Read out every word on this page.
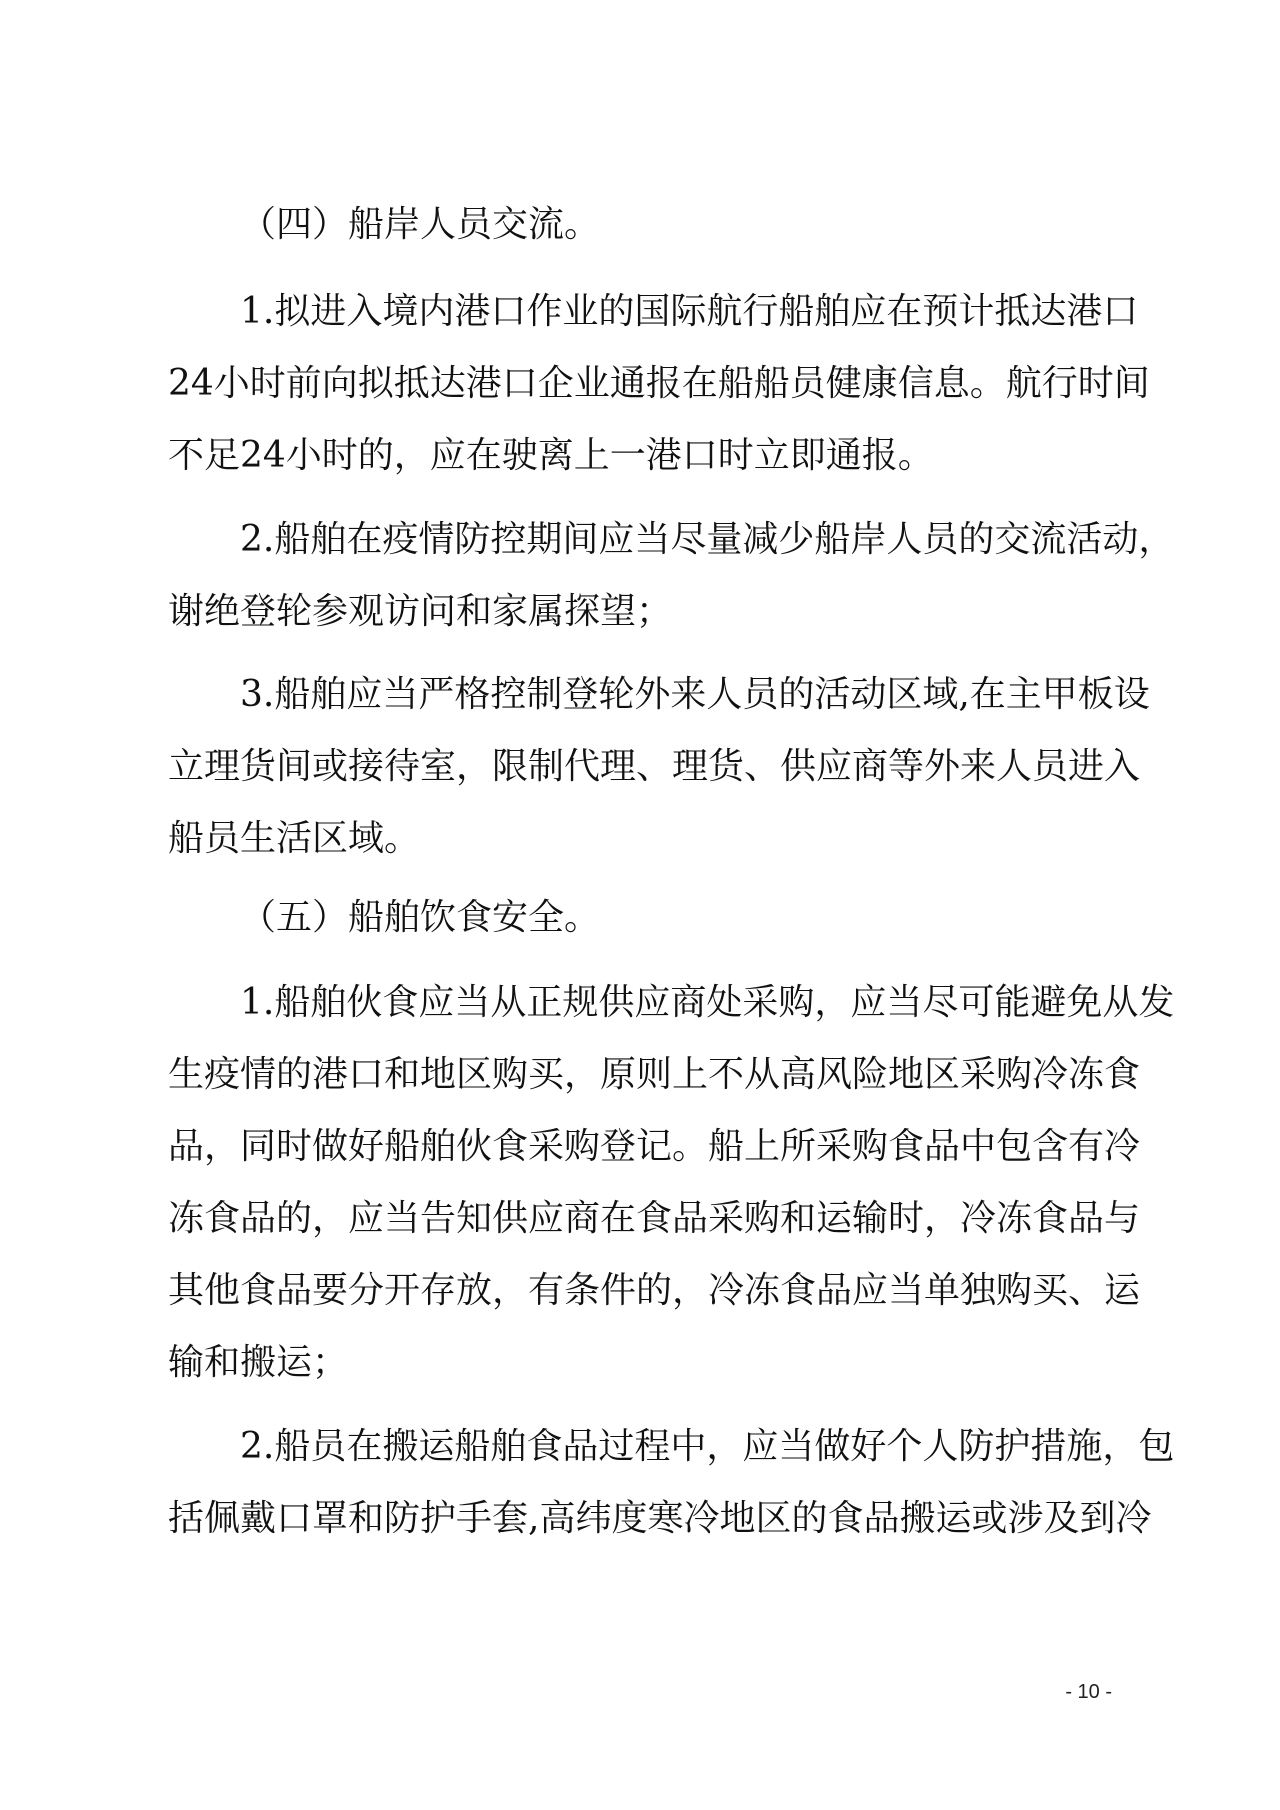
（四）船岸人员交流。
1.拟进入境内港口作业的国际航行船舶应在预计抵达港口
24小时前向拟抵达港口企业通报在船船员健康信息。航行时间
不足24小时的，应在驶离上一港口时立即通报。
2.船舶在疫情防控期间应当尽量减少船岸人员的交流活动，
谢绝登轮参观访问和家属探望；
3.船舶应当严格控制登轮外来人员的活动区域,在主甲板设
立理货间或接待室，限制代理、理货、供应商等外来人员进入
船员生活区域。
（五）船舶饮食安全。
1.船舶伙食应当从正规供应商处采购，应当尽可能避免从发
生疫情的港口和地区购买，原则上不从高风险地区采购冷冻食
品，同时做好船舶伙食采购登记。船上所采购食品中包含有冷
冻食品的，应当告知供应商在食品采购和运输时，冷冻食品与
其他食品要分开存放，有条件的，冷冻食品应当单独购买、运
输和搬运；
2.船员在搬运船舶食品过程中，应当做好个人防护措施，包
括佩戴口罩和防护手套,高纬度寒冷地区的食品搬运或涉及到冷
- 10 -
